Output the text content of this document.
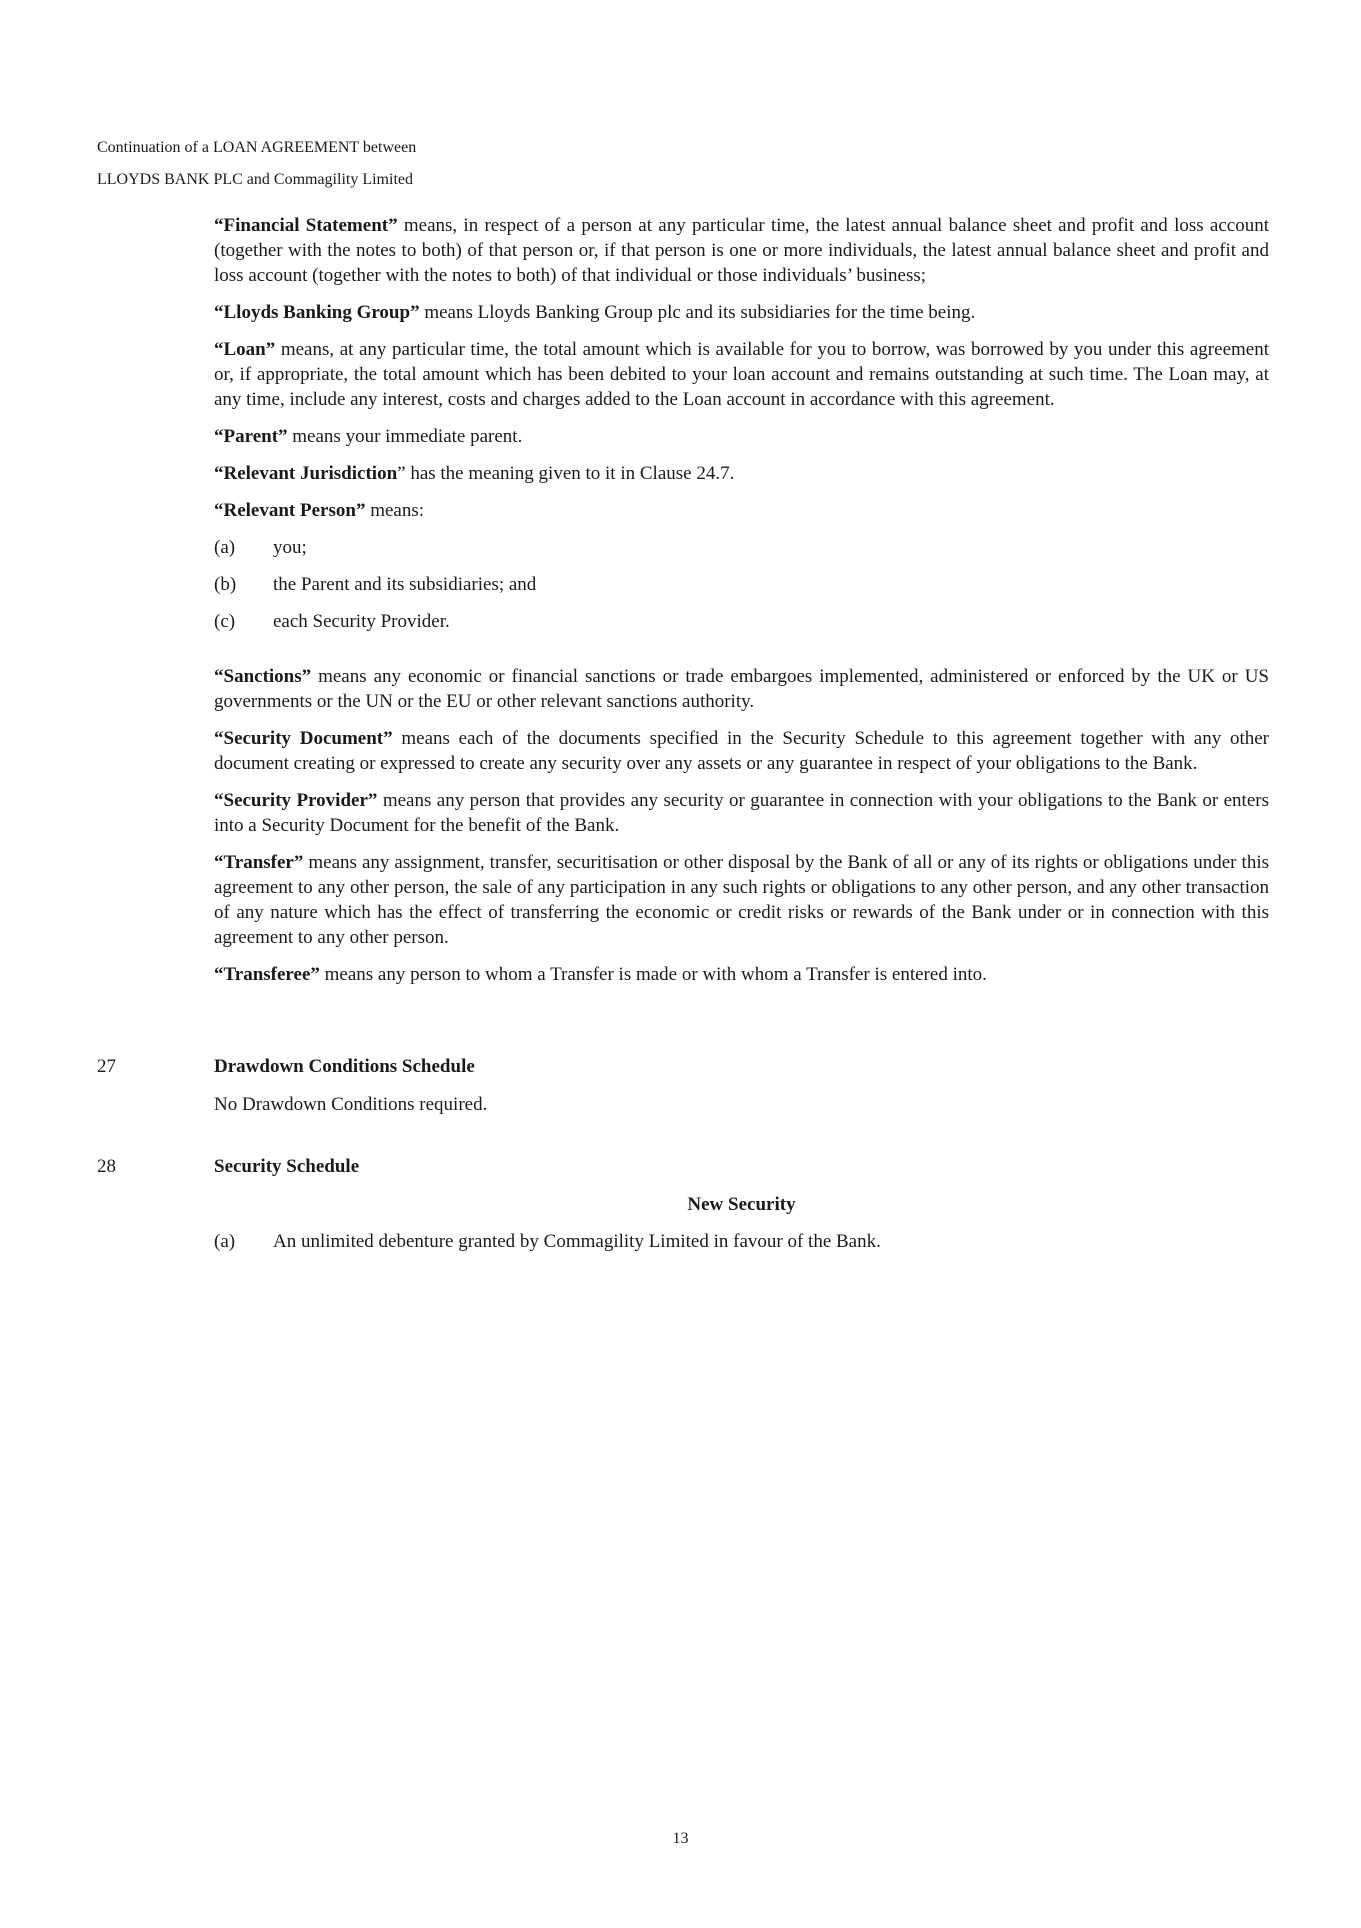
Continuation of a LOAN AGREEMENT between
LLOYDS BANK PLC and Commagility Limited

“Financial Statement” means, in respect of a person at any particular time, the latest annual balance sheet and profit and loss account (together with the notes to both) of that person or, if that person is one or more individuals, the latest annual balance sheet and profit and loss account (together with the notes to both) of that individual or those individuals’ business;

“Lloyds Banking Group” means Lloyds Banking Group plc and its subsidiaries for the time being.

“Loan” means, at any particular time, the total amount which is available for you to borrow, was borrowed by you under this agreement or, if appropriate, the total amount which has been debited to your loan account and remains outstanding at such time. The Loan may, at any time, include any interest, costs and charges added to the Loan account in accordance with this agreement.

“Parent” means your immediate parent.

“Relevant Jurisdiction” has the meaning given to it in Clause 24.7.

“Relevant Person” means:

(a)	you;
(b)	the Parent and its subsidiaries; and
(c)	each Security Provider.

“Sanctions” means any economic or financial sanctions or trade embargoes implemented, administered or enforced by the UK or US governments or the UN or the EU or other relevant sanctions authority.

“Security Document” means each of the documents specified in the Security Schedule to this agreement together with any other document creating or expressed to create any security over any assets or any guarantee in respect of your obligations to the Bank.

“Security Provider” means any person that provides any security or guarantee in connection with your obligations to the Bank or enters into a Security Document for the benefit of the Bank.

“Transfer” means any assignment, transfer, securitisation or other disposal by the Bank of all or any of its rights or obligations under this agreement to any other person, the sale of any participation in any such rights or obligations to any other person, and any other transaction of any nature which has the effect of transferring the economic or credit risks or rewards of the Bank under or in connection with this agreement to any other person.

“Transferee” means any person to whom a Transfer is made or with whom a Transfer is entered into.

27	Drawdown Conditions Schedule
No Drawdown Conditions required.
28	Security Schedule
New Security
(a)	An unlimited debenture granted by Commagility Limited in favour of the Bank.
13
